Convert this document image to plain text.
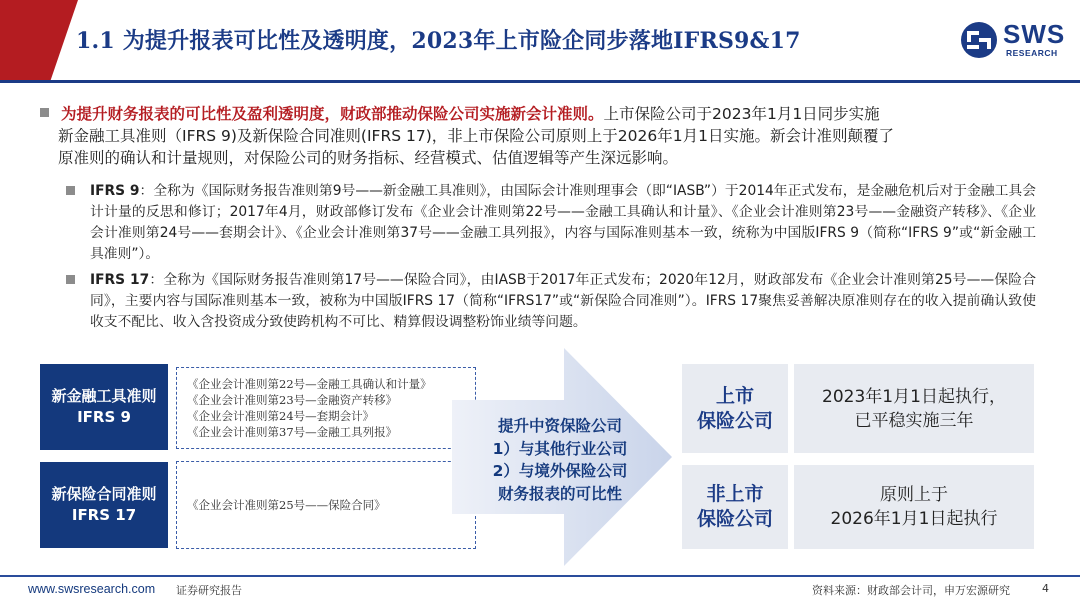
1.1 为提升报表可比性及透明度，2023年上市险企同步落地IFRS9&17	SWS
RESEARCH
为提升财务报表的可比性及盈利透明度，财政部推动保险公司实施新会计准则。上市保险公司于2023年1月1日同步实施
新金融工具准则（IFRS 9)及新保险合同准则(IFRS 17)，非上市保险公司原则上于2026年1月1日实施。新会计准则颠覆了
原准则的确认和计量规则，对保险公司的财务指标、经营模式、估值逻辑等产生深远影响。
IFRS 9：全称为《国际财务报告准则第9号——新金融工具准则》，由国际会计准则理事会（即“IASB”）于2014年正式发布，是金融危机后对于金融工具会计计量的反思和修订；2017年4月，财政部修订发布《企业会计准则第22号——金融工具确认和计量》、《企业会计准则第23号——金融资产转移》、《企业会计准则第24号——套期会计》、《企业会计准则第37号——金融工具列报》，内容与国际准则基本一致，统称为中国版IFRS 9（简称“IFRS 9”或“新金融工具准则”）。
IFRS 17：全称为《国际财务报告准则第17号——保险合同》，由IASB于2017年正式发布；2020年12月，财政部发布《企业会计准则第25号——保险合同》，主要内容与国际准则基本一致，被称为中国版IFRS 17（简称“IFRS17”或“新保险合同准则”）。IFRS 17聚焦妥善解决原准则存在的收入提前确认致使收支不配比、收入含投资成分致使跨机构不可比、精算假设调整粉饰业绩等问题。
新金融工具准则
IFRS 9
新保险合同准则
IFRS 17
《企业会计准则第22号—金融工具确认和计量》
《企业会计准则第23号—金融资产转移》
《企业会计准则第24号—套期会计》
《企业会计准则第37号—金融工具列报》
《企业会计准则第25号——保险合同》
提升中资保险公司
1）与其他行业公司
2）与境外保险公司
财务报表的可比性
上市
保险公司
2023年1月1日起执行，
已平稳实施三年
非上市
保险公司
原则上于
2026年1月1日起执行
www.swsresearch.com 证券研究报告	资料来源：财政部会计司，申万宏源研究	4
